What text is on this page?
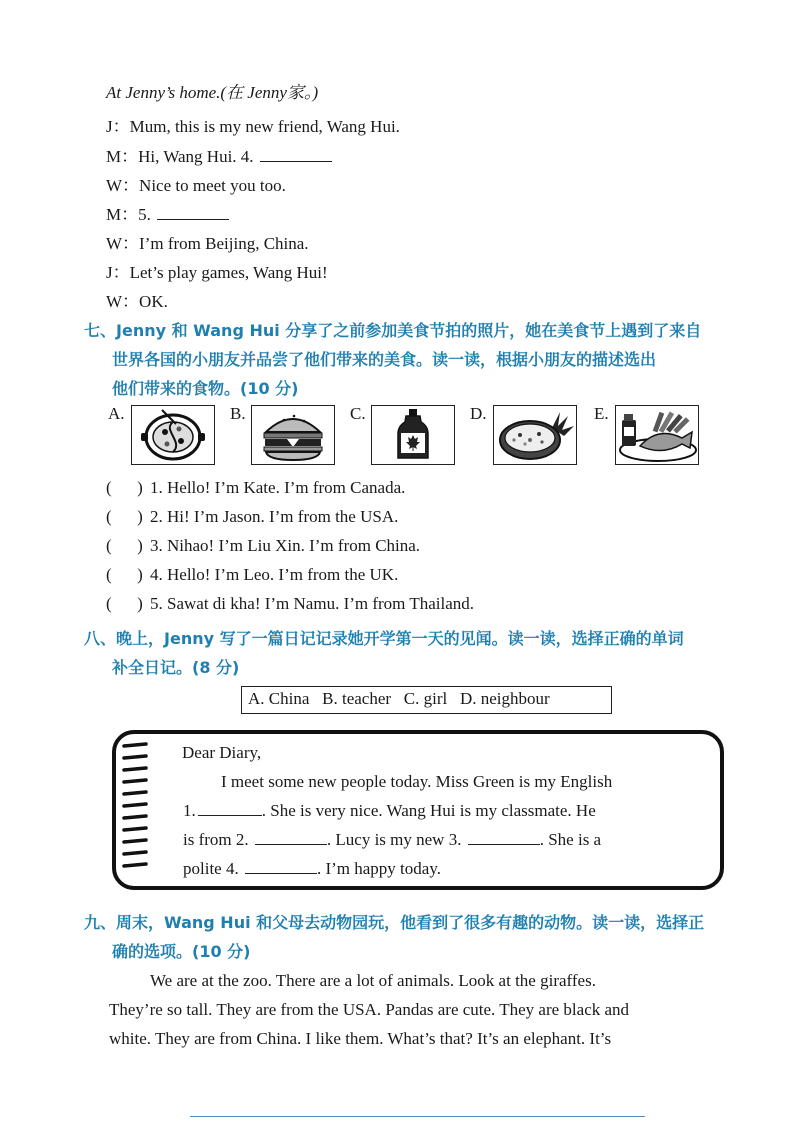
At Jenny’s home.(在 Jenny家。)
J：Mum, this is my new friend, Wang Hui.
M：Hi, Wang Hui. 4.
W：Nice to meet you too.
M：5.
W：I’m from Beijing, China.
J：Let’s play games, Wang Hui!
W：OK.
七、Jenny 和 Wang Hui 分享了之前参加美食节拍的照片，她在美食节上遇到了来自
世界各国的小朋友并品尝了他们带来的美食。读一读，根据小朋友的描述选出
他们带来的食物。(10 分)
A.	B.	C.	D.	E.
( ) 1. Hello! I’m Kate. I’m from Canada.
( ) 2. Hi! I’m Jason. I’m from the USA.
( ) 3. Nihao! I’m Liu Xin. I’m from China.
( ) 4. Hello! I’m Leo. I’m from the UK.
( ) 5. Sawat di kha! I’m Namu. I’m from Thailand.
八、晚上，Jenny 写了一篇日记记录她开学第一天的见闻。读一读，选择正确的单词
补全日记。(8 分)
A. China   B. teacher   C. girl   D. neighbour
Dear Diary,
I meet some new people today. Miss Green is my English
1.	. She is very nice. Wang Hui is my classmate. He
is from 2.	. Lucy is my new 3.	. She is a
polite 4.	. I’m happy today.
九、周末，Wang Hui 和父母去动物园玩，他看到了很多有趣的动物。读一读，选择正
确的选项。(10 分)
We are at the zoo. There are a lot of animals. Look at the giraffes.
They’re so tall. They are from the USA. Pandas are cute. They are black and
white. They are from China. I like them. What’s that? It’s an elephant. It’s
